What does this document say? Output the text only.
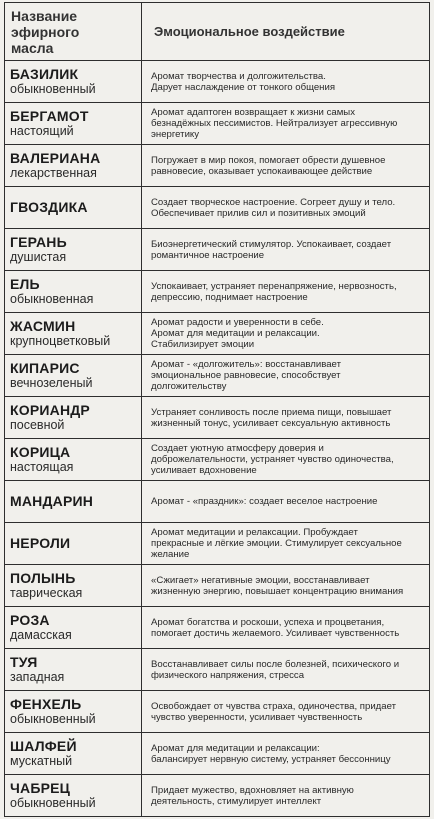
Название
эфирного
масла	Эмоциональное воздействие

БАЗИЛИК
обыкновенный	Аромат творчества и долгожительства.
Дарует наслаждение от тонкого общения

БЕРГАМОТ
настоящий	Аромат адаптоген возвращает к жизни самых
безнадёжных пессимистов. Нейтрализует агрессивную
энергетику

ВАЛЕРИАНА
лекарственная	Погружает в мир покоя, помогает обрести душевное
равновесие, оказывает успокаивающее действие

ГВОЗДИКА	Создает творческое настроение. Согреет душу и тело.
Обеспечивает прилив сил и позитивных эмоций

ГЕРАНЬ
душистая	Биоэнергетический стимулятор. Успокаивает, создает
романтичное настроение

ЕЛЬ
обыкновенная	Успокаивает, устраняет перенапряжение, нервозность,
депрессию, поднимает настроение

ЖАСМИН
крупноцветковый	Аромат радости и уверенности в себе.
Аромат для медитации и релаксации.
Стабилизирует эмоции

КИПАРИС
вечнозеленый	Аромат - «долгожитель»: восстанавливает
эмоциональное равновесие, способствует
долгожительству

КОРИАНДР
посевной	Устраняет сонливость после приема пищи, повышает
жизненный тонус, усиливает сексуальную активность

КОРИЦА
настоящая	Создает уютную атмосферу доверия и
доброжелательности, устраняет чувство одиночества,
усиливает вдохновение

МАНДАРИН	Аромат - «праздник»: создает веселое настроение

НЕРОЛИ	Аромат медитации и релаксации. Пробуждает
прекрасные и лёгкие эмоции. Стимулирует сексуальное
желание

ПОЛЫНЬ
таврическая	«Сжигает» негативные эмоции, восстанавливает
жизненную энергию, повышает концентрацию внимания

РОЗА
дамасская	Аромат богатства и роскоши, успеха и процветания,
помогает достичь желаемого. Усиливает чувственность

ТУЯ
западная	Восстанавливает силы после болезней, психического и
физического напряжения, стресса

ФЕНХЕЛЬ
обыкновенный	Освобождает от чувства страха, одиночества, придает
чувство уверенности, усиливает чувственность

ШАЛФЕЙ
мускатный	Аромат для медитации и релаксации:
балансирует нервную систему, устраняет бессонницу

ЧАБРЕЦ
обыкновенный	Придает мужество, вдохновляет на активную
деятельность, стимулирует интеллект
